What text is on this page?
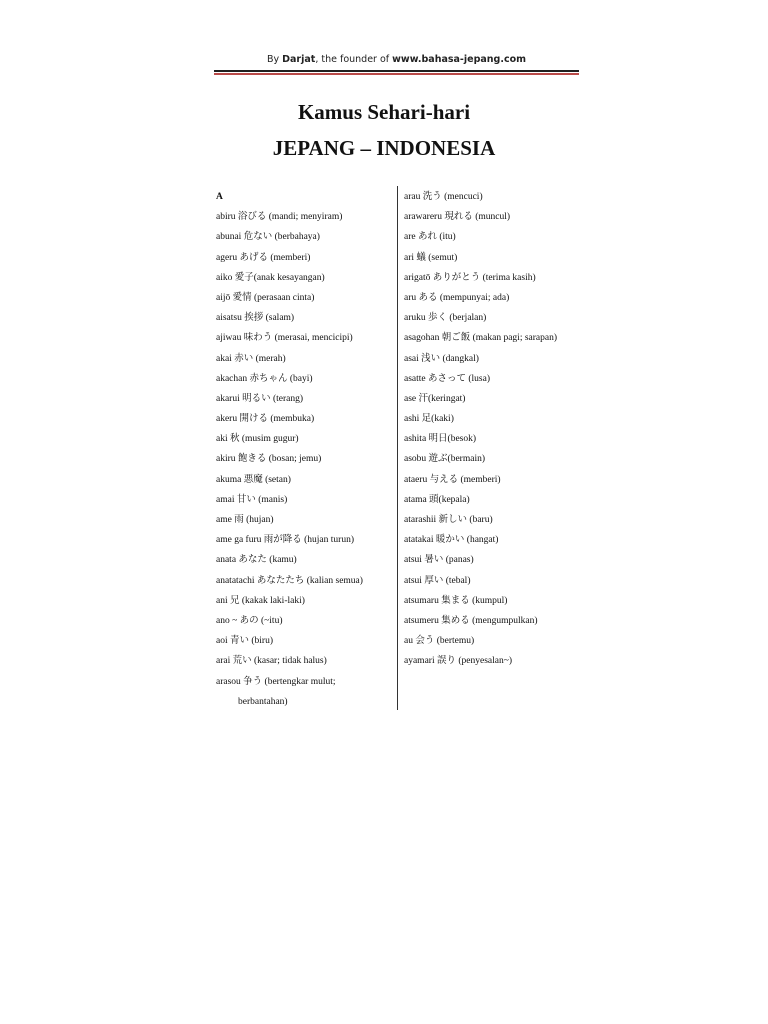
By Darjat, the founder of www.bahasa-jepang.com
Kamus Sehari-hari
JEPANG – INDONESIA
A
abiru 浴びる (mandi; menyiram)
abunai 危ない (berbahaya)
ageru あげる (memberi)
aiko 愛子(anak kesayangan)
aijō 愛情 (perasaan cinta)
aisatsu 挨拶 (salam)
ajiwau 味わう (merasai, mencicipi)
akai 赤い (merah)
akachan 赤ちゃん (bayi)
akarui 明るい (terang)
akeru 開ける (membuka)
aki 秋 (musim gugur)
akiru 飽きる (bosan; jemu)
akuma 悪魔 (setan)
amai 甘い (manis)
ame 雨 (hujan)
ame ga furu 雨が降る (hujan turun)
anata あなた (kamu)
anatatachi あなたたち (kalian semua)
ani 兄 (kakak laki-laki)
ano ~ あの (~itu)
aoi 青い (biru)
arai 荒い (kasar; tidak halus)
arasou 争う (bertengkar mulut;
berbantahan)
arau 洗う (mencuci)
arawareru 現れる (muncul)
are あれ (itu)
ari 蟻 (semut)
arigatō ありがとう (terima kasih)
aru ある (mempunyai; ada)
aruku 歩く (berjalan)
asagohan 朝ご飯 (makan pagi; sarapan)
asai 浅い (dangkal)
asatte あさって (lusa)
ase 汗(keringat)
ashi 足(kaki)
ashita 明日(besok)
asobu 遊ぶ(bermain)
ataeru 与える (memberi)
atama 頭(kepala)
atarashii 新しい (baru)
atatakai 暖かい (hangat)
atsui 暑い (panas)
atsui 厚い (tebal)
atsumaru 集まる (kumpul)
atsumeru 集める (mengumpulkan)
au 会う (bertemu)
ayamari 誤り (penyesalan~)
